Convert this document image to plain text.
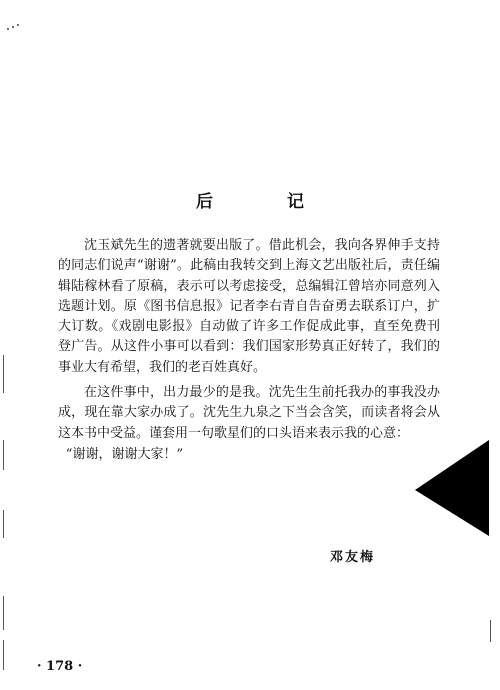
后 记

沈玉斌先生的遗著就要出版了。借此机会，我向各界伸手支持的同志们说声“谢谢”。此稿由我转交到上海文艺出版社后，责任编辑陆稼林看了原稿，表示可以考虑接受，总编辑江曾培亦同意列入选题计划。原《图书信息报》记者李右青自告奋勇去联系订户，扩大订数。《戏剧电影报》自动做了许多工作促成此事，直至免费刊登广告。从这件小事可以看到：我们国家形势真正好转了，我们的事业大有希望，我们的老百姓真好。

在这件事中，出力最少的是我。沈先生生前托我办的事我没办成，现在靠大家办成了。沈先生九泉之下当会含笑，而读者将会从这本书中受益。谨套用一句歌星们的口头语来表示我的心意：

“谢谢，谢谢大家！”

邓友梅
· 178 ·
